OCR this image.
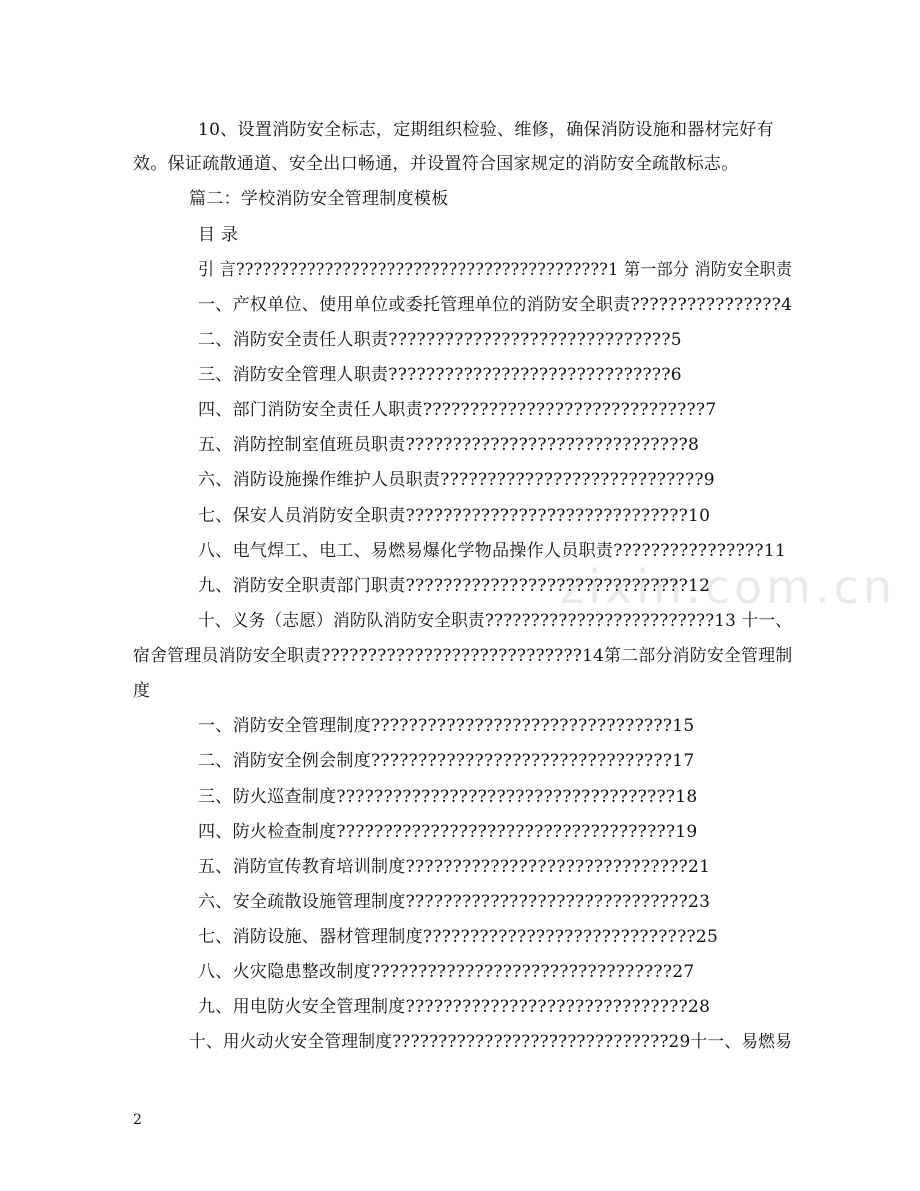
zixin.com.cn
10、设置消防安全标志，定期组织检验、维修，确保消防设施和器材完好有
效。保证疏散通道、安全出口畅通，并设置符合国家规定的消防安全疏散标志。
篇二：学校消防安全管理制度模板
目 录
引 言??????????????????????????????????????????1 第一部分 消防安全职责
一、产权单位、使用单位或委托管理单位的消防安全职责????????????????4
二、消防安全责任人职责??????????????????????????????5
三、消防安全管理人职责??????????????????????????????6
四、部门消防安全责任人职责??????????????????????????????7
五、消防控制室值班员职责??????????????????????????????8
六、消防设施操作维护人员职责????????????????????????????9
七、保安人员消防安全职责??????????????????????????????10
八、电气焊工、电工、易燃易爆化学物品操作人员职责????????????????11
九、消防安全职责部门职责??????????????????????????????12
十、义务（志愿）消防队消防安全职责?????????????????????????13 十一、
宿舍管理员消防安全职责????????????????????????????14第二部分消防安全管理制
度
一、消防安全管理制度????????????????????????????????15
二、消防安全例会制度????????????????????????????????17
三、防火巡查制度????????????????????????????????????18
四、防火检查制度????????????????????????????????????19
五、消防宣传教育培训制度??????????????????????????????21
六、安全疏散设施管理制度??????????????????????????????23
七、消防设施、器材管理制度?????????????????????????????25
八、火灾隐患整改制度????????????????????????????????27
九、用电防火安全管理制度??????????????????????????????28
十、用火动火安全管理制度??????????????????????????????29十一、易燃易
2
